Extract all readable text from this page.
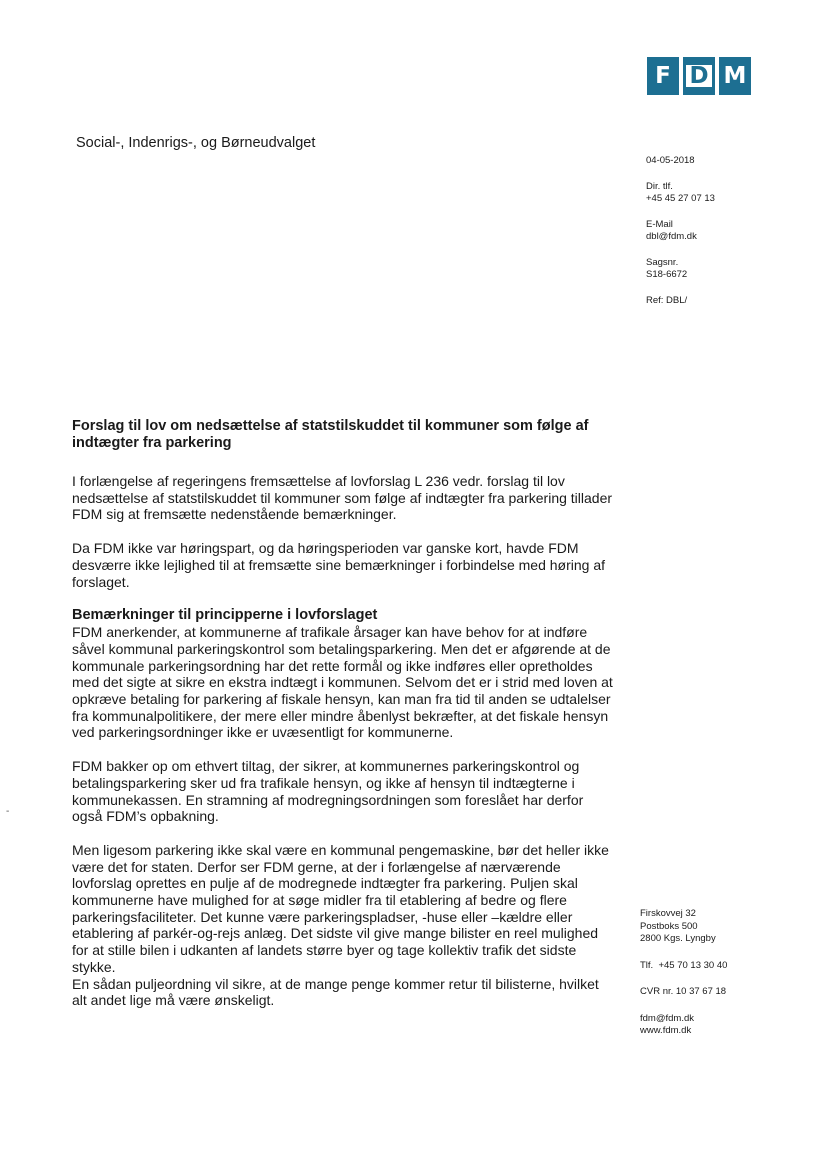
F D M
Social-, Indenrigs-, og Børneudvalget
04-05-2018
Dir. tlf.
+45 45 27 07 13
E-Mail
dbl@fdm.dk
Sagsnr.
S18-6672
Ref: DBL/

Forslag til lov om nedsættelse af statstilskuddet til kommuner som følge af indtægter fra parkering

I forlængelse af regeringens fremsættelse af lovforslag L 236 vedr. forslag til lov nedsættelse af statstilskuddet til kommuner som følge af indtægter fra parkering tillader FDM sig at fremsætte nedenstående bemærkninger.

Da FDM ikke var høringspart, og da høringsperioden var ganske kort, havde FDM desværre ikke lejlighed til at fremsætte sine bemærkninger i forbindelse med høring af forslaget.

Bemærkninger til principperne i lovforslaget

FDM anerkender, at kommunerne af trafikale årsager kan have behov for at indføre såvel kommunal parkeringskontrol som betalingsparkering. Men det er afgørende at de kommunale parkeringsordning har det rette formål og ikke indføres eller opretholdes med det sigte at sikre en ekstra indtægt i kommunen. Selvom det er i strid med loven at opkræve betaling for parkering af fiskale hensyn, kan man fra tid til anden se udtalelser fra kommunalpolitikere, der mere eller mindre åbenlyst bekræfter, at det fiskale hensyn ved parkeringsordninger ikke er uvæsentligt for kommunerne.

FDM bakker op om ethvert tiltag, der sikrer, at kommunernes parkeringskontrol og betalingsparkering sker ud fra trafikale hensyn, og ikke af hensyn til indtægterne i kommunekassen. En stramning af modregningsordningen som foreslået har derfor også FDM’s opbakning.

Men ligesom parkering ikke skal være en kommunal pengemaskine, bør det heller ikke være det for staten. Derfor ser FDM gerne, at der i forlængelse af nærværende lovforslag oprettes en pulje af de modregnede indtægter fra parkering. Puljen skal kommunerne have mulighed for at søge midler fra til etablering af bedre og flere parkeringsfaciliteter. Det kunne være parkeringspladser, -huse eller –kældre eller etablering af parkér-og-rejs anlæg. Det sidste vil give mange bilister en reel mulighed for at stille bilen i udkanten af landets større byer og tage kollektiv trafik det sidste stykke.
En sådan puljeordning vil sikre, at de mange penge kommer retur til bilisterne, hvilket alt andet lige må være ønskeligt.

Firskovvej 32
Postboks 500
2800 Kgs. Lyngby
Tlf.  +45 70 13 30 40
CVR nr. 10 37 67 18
fdm@fdm.dk
www.fdm.dk
-
